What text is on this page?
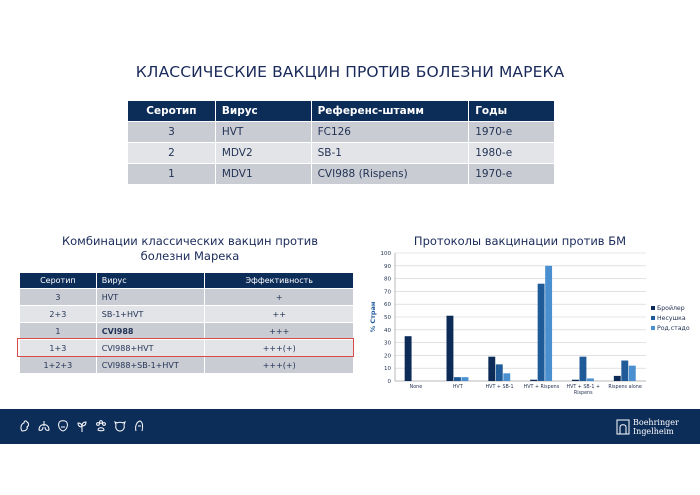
КЛАССИЧЕСКИЕ ВАКЦИН ПРОТИВ БОЛЕЗНИ МАРЕКА
Серотип	Вирус	Референс-штамм	Годы
3	HVT	FC126	1970-е
2	MDV2	SB-1	1980-е
1	MDV1	CVI988 (Rispens)	1970-е
Комбинации классических вакцин против
болезни Марека
Серотип	Вирус	Эффективность
3	HVT	+
2+3	SB-1+HVT	++
1	CVI988	+++
1+3	CVI988+HVT	+++(+)
1+2+3	CVI988+SB-1+HVT	+++(+)
Протоколы вакцинации против БМ
0
10
20
30
40
50
60
70
80
90
100
% Стран
None	HVT	HVT + SB-1 HVT + Rispens HVT + SB-1 +
Rispens
Rispens alone
Бройлер
Несушка
Род.стадо
Boehringer
Ingelheim
